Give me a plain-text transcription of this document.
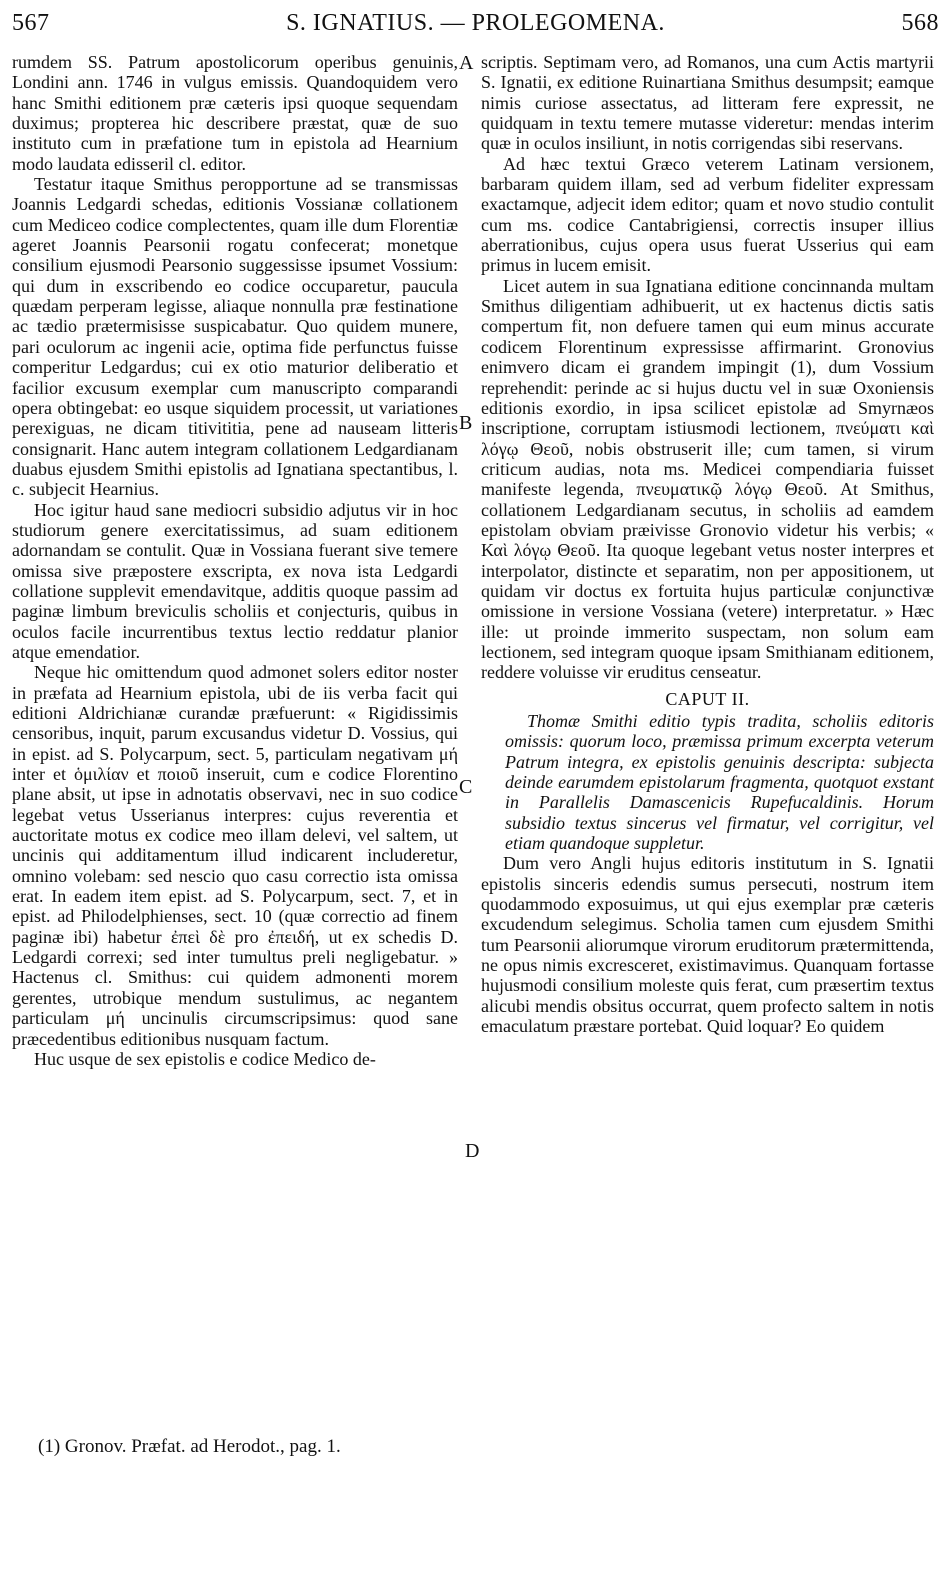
567	S. IGNATIUS. — PROLEGOMENA.	568

rumdem SS. Patrum apostolicorum operibus genuinis, Londini ann. 1746 in vulgus emissis. Quandoquidem vero hanc Smithi editionem præ cæteris ipsi quoque sequendam duximus; propterea hic describere præstat, quæ de suo instituto cum in præfatione tum in epistola ad Hearnium modo laudata edisseril cl. editor.

Testatur itaque Smithus peropportune ad se transmissas Joannis Ledgardi schedas, editionis Vossianæ collationem cum Mediceo codice complectentes, quam ille dum Florentiæ ageret Joannis Pearsonii rogatu confecerat; monetque consilium ejusmodi Pearsonio suggessisse ipsumet Vossium: qui dum in exscribendo eo codice occuparetur, paucula quædam perperam legisse, aliaque nonnulla præ festinatione ac tædio prætermisisse suspicabatur. Quo quidem munere, pari oculorum ac ingenii acie, optima fide perfunctus fuisse comperitur Ledgardus; cui ex otio maturior deliberatio et facilior excusum exemplar cum manuscripto comparandi opera obtingebat: eo usque siquidem processit, ut variationes perexiguas, ne dicam titivititia, pene ad nauseam litteris consignarit. Hanc autem integram collationem Ledgardianam duabus ejusdem Smithi epistolis ad Ignatiana spectantibus, l. c. subjecit Hearnius.

Hoc igitur haud sane mediocri subsidio adjutus vir in hoc studiorum genere exercitatissimus, ad suam editionem adornandam se contulit. Quæ in Vossiana fuerant sive temere omissa sive præpostere exscripta, ex nova ista Ledgardi collatione supplevit emendavitque, additis quoque passim ad paginæ limbum breviculis scholiis et conjecturis, quibus in oculos facile incurrentibus textus lectio reddatur planior atque emendatior.

Neque hic omittendum quod admonet solers editor noster in præfata ad Hearnium epistola, ubi de iis verba facit qui editioni Aldrichianæ curandæ præfuerunt: « Rigidissimis censoribus, inquit, parum excusandus videtur D. Vossius, qui in epist. ad S. Polycarpum, sect. 5, particulam negativam μή inter et ὁμιλίαν et ποιοῦ inseruit, cum e codice Florentino plane absit, ut ipse in adnotatis observavi, nec in suo codice legebat vetus Usserianus interpres: cujus reverentia et auctoritate motus ex codice meo illam delevi, vel saltem, ut uncinis qui additamentum illud indicarent includeretur, omnino volebam: sed nescio quo casu correctio ista omissa erat. In eadem item epist. ad S. Polycarpum, sect. 7, et in epist. ad Philodelphienses, sect. 10 (quæ correctio ad finem paginæ ibi) habetur ἐπεὶ δὲ pro ἐπειδή, ut ex schedis D. Ledgardi correxi; sed inter tumultus preli negligebatur. » Hactenus cl. Smithus: cui quidem admonenti morem gerentes, utrobique mendum sustulimus, ac negantem particulam μή uncinulis circumscripsimus: quod sane præcedentibus editionibus nusquam factum.

Huc usque de sex epistolis e codice Medico de-

scriptis. Septimam vero, ad Romanos, una cum Actis martyrii S. Ignatii, ex editione Ruinartiana Smithus desumpsit; eamque nimis curiose assectatus, ad litteram fere expressit, ne quidquam in textu temere mutasse videretur: mendas interim quæ in oculos insiliunt, in notis corrigendas sibi reservans.

Ad hæc textui Græco veterem Latinam versionem, barbaram quidem illam, sed ad verbum fideliter expressam exactamque, adjecit idem editor; quam et novo studio contulit cum ms. codice Cantabrigiensi, correctis insuper illius aberrationibus, cujus opera usus fuerat Usserius qui eam primus in lucem emisit.

Licet autem in sua Ignatiana editione concinnanda multam Smithus diligentiam adhibuerit, ut ex hactenus dictis satis compertum fit, non defuere tamen qui eum minus accurate codicem Florentinum expressisse affirmarint. Gronovius enimvero dicam ei grandem impingit (1), dum Vossium reprehendit: perinde ac si hujus ductu vel in suæ Oxoniensis editionis exordio, in ipsa scilicet epistolæ ad Smyrnæos inscriptione, corruptam istiusmodi lectionem, πνεύματι καὶ λόγῳ Θεοῦ, nobis obstruserit ille; cum tamen, si virum criticum audias, nota ms. Medicei compendiaria fuisset manifeste legenda, πνευματικῷ λόγῳ Θεοῦ. At Smithus, collationem Ledgardianam secutus, in scholiis ad eamdem epistolam obviam præivisse Gronovio videtur his verbis; « Καὶ λόγῳ Θεοῦ. Ita quoque legebant vetus noster interpres et interpolator, distincte et separatim, non per appositionem, ut quidam vir doctus ex fortuita hujus particulæ conjunctivæ omissione in versione Vossiana (vetere) interpretatur. » Hæc ille: ut proinde immerito suspectam, non solum eam lectionem, sed integram quoque ipsam Smithianam editionem, reddere voluisse vir eruditus censeatur.

CAPUT II.

Thomæ Smithi editio typis tradita, scholiis editoris omissis: quorum loco, præmissa primum excerpta veterum Patrum integra, ex epistolis genuinis descripta: subjecta deinde earumdem epistolarum fragmenta, quotquot exstant in Parallelis Damascenicis Rupefucaldinis. Horum subsidio textus sincerus vel firmatur, vel corrigitur, vel etiam quandoque suppletur.

Dum vero Angli hujus editoris institutum in S. Ignatii epistolis sinceris edendis sumus persecuti, nostrum item quodammodo exposuimus, ut qui ejus exemplar præ cæteris excudendum selegimus. Scholia tamen cum ejusdem Smithi tum Pearsonii aliorumque virorum eruditorum prætermittenda, ne opus nimis excresceret, existimavimus. Quanquam fortasse hujusmodi consilium moleste quis ferat, cum præsertim textus alicubi mendis obsitus occurrat, quem profecto saltem in notis emaculatum præstare portebat. Quid loquar? Eo quidem

A
B
C
D
(1) Gronov. Præfat. ad Herodot., pag. 1.
